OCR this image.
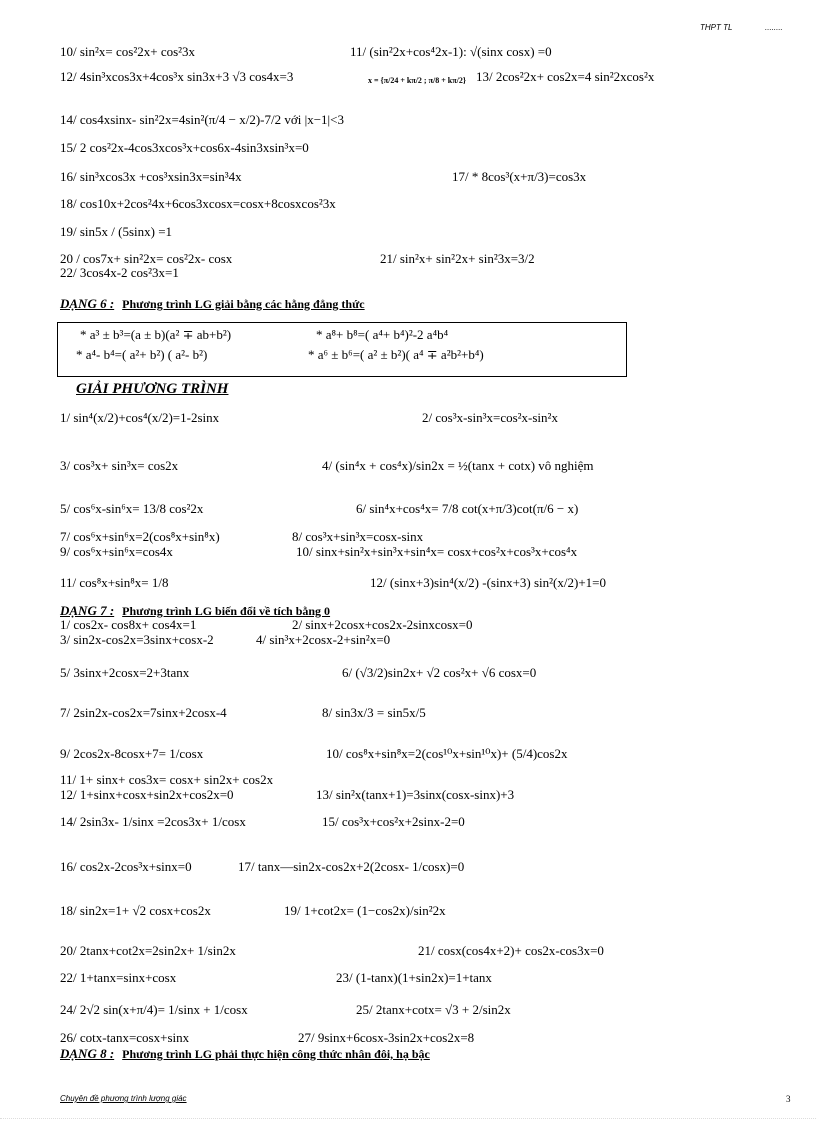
THPT TL	........
10/ sin²x= cos²2x+ cos²3x	11/ (sin²2x+cos⁴2x-1): √(sinx cosx) =0
12/ 4sin³xcos3x+4cos³x sin3x+3 √3 cos4x=3	x = {π/24 + kπ/2 ; π/8 + kπ/2} 13/ 2cos²2x+ cos2x=4 sin²2xcos²x
14/ cos4xsinx- sin²2x=4sin²(π/4 − x/2)-7/2 với |x−1|<3
15/ 2 cos²2x-4cos3xcos³x+cos6x-4sin3xsin³x=0
16/ sin³xcos3x +cos³xsin3x=sin³4x	17/ * 8cos³(x+π/3)=cos3x
18/ cos10x+2cos²4x+6cos3xcosx=cosx+8cosxcos²3x
19/ sin5x / (5sinx) =1
20 / cos7x+ sin²2x= cos²2x- cosx	21/ sin²x+ sin²2x+ sin²3x=3/2
22/ 3cos4x-2 cos²3x=1
DẠNG 6 : Phương trình LG giải bằng các hằng đẳng thức
* a³ ± b³=(a ± b)(a² ∓ ab+b²)	* a⁸+ b⁸=( a⁴+ b⁴)²-2 a⁴b⁴
* a⁴- b⁴=( a²+ b²) ( a²- b²)	* a⁶ ± b⁶=( a² ± b²)( a⁴ ∓ a²b²+b⁴)
GIẢI PHƯƠNG TRÌNH
1/ sin⁴(x/2)+cos⁴(x/2)=1-2sinx	2/ cos³x-sin³x=cos²x-sin²x
3/ cos³x+ sin³x= cos2x	4/ (sin⁴x + cos⁴x)/sin2x = ½(tanx + cotx) vô nghiệm
5/ cos⁶x-sin⁶x= 13/8 cos²2x	6/ sin⁴x+cos⁴x= 7/8 cot(x+π/3)cot(π/6 − x)
7/ cos⁶x+sin⁶x=2(cos⁸x+sin⁸x)	8/ cos³x+sin³x=cosx-sinx
9/ cos⁶x+sin⁶x=cos4x	10/ sinx+sin²x+sin³x+sin⁴x= cosx+cos²x+cos³x+cos⁴x
11/ cos⁸x+sin⁸x= 1/8	12/ (sinx+3)sin⁴(x/2) -(sinx+3) sin²(x/2)+1=0
DẠNG 7 : Phương trình LG biến đổi về tích bằng 0
1/ cos2x- cos8x+ cos4x=1	2/ sinx+2cosx+cos2x-2sinxcosx=0
3/ sin2x-cos2x=3sinx+cosx-2	4/ sin³x+2cosx-2+sin²x=0
5/ 3sinx+2cosx=2+3tanx	6/ (√3/2)sin2x+ √2 cos²x+ √6 cosx=0
7/ 2sin2x-cos2x=7sinx+2cosx-4	8/ sin3x/3 = sin5x/5
9/ 2cos2x-8cosx+7= 1/cosx	10/ cos⁸x+sin⁸x=2(cos¹⁰x+sin¹⁰x)+ (5/4)cos2x
11/ 1+ sinx+ cos3x= cosx+ sin2x+ cos2x
12/ 1+sinx+cosx+sin2x+cos2x=0	13/ sin²x(tanx+1)=3sinx(cosx-sinx)+3
14/ 2sin3x- 1/sinx =2cos3x+ 1/cosx	15/ cos³x+cos²x+2sinx-2=0
16/ cos2x-2cos³x+sinx=0	17/ tanx—sin2x-cos2x+2(2cosx- 1/cosx)=0
18/ sin2x=1+ √2 cosx+cos2x	19/ 1+cot2x= (1−cos2x)/sin²2x
20/ 2tanx+cot2x=2sin2x+ 1/sin2x	21/ cosx(cos4x+2)+ cos2x-cos3x=0
22/ 1+tanx=sinx+cosx	23/ (1-tanx)(1+sin2x)=1+tanx
24/ 2√2 sin(x+π/4)= 1/sinx + 1/cosx	25/ 2tanx+cotx= √3 + 2/sin2x
26/ cotx-tanx=cosx+sinx	27/ 9sinx+6cosx-3sin2x+cos2x=8
DẠNG 8 : Phương trình LG phải thực hiện công thức nhân đôi, hạ bậc
Chuyên đề phương trình lượng giác	3
